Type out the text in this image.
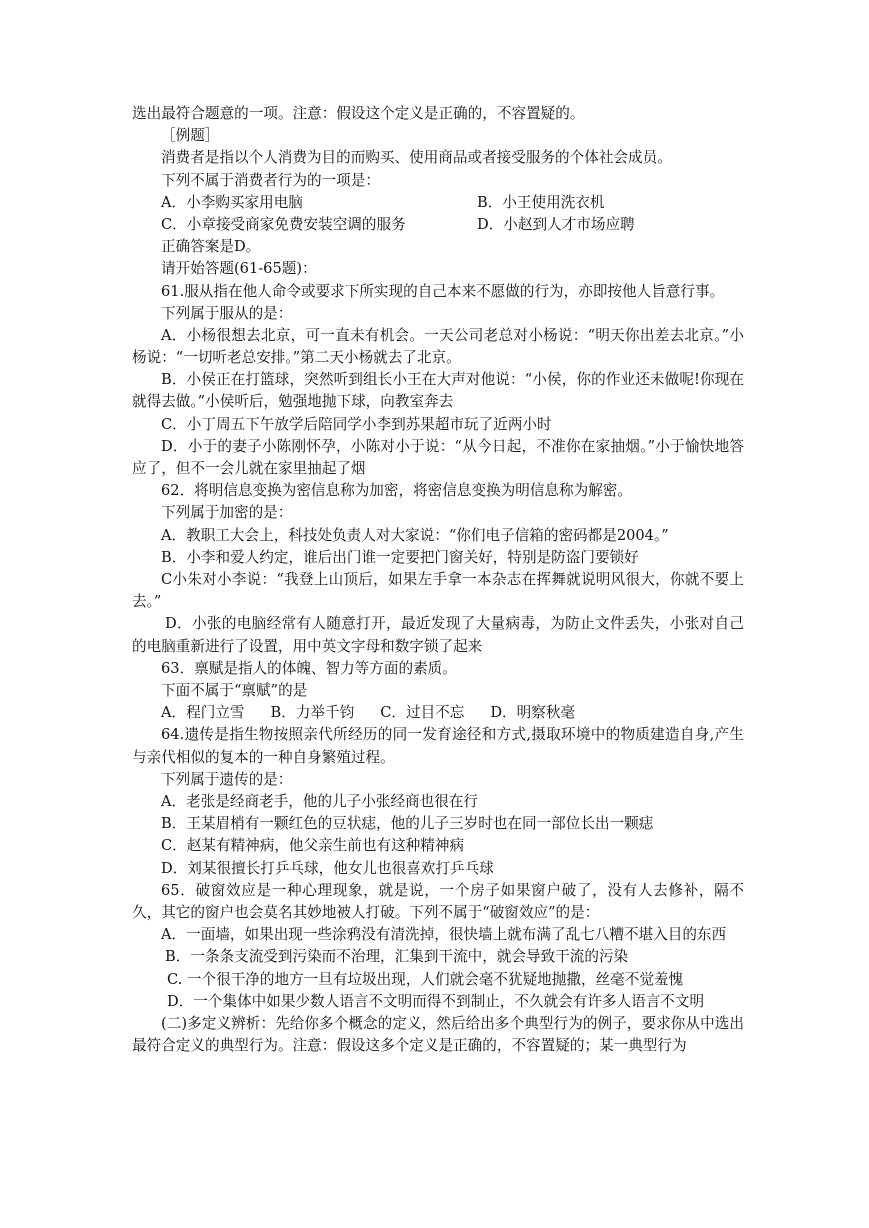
选出最符合题意的一项。注意：假设这个定义是正确的，不容置疑的。
［例题］
消费者是指以个人消费为目的而购买、使用商品或者接受服务的个体社会成员。
下列不属于消费者行为的一项是：
A．小李购买家用电脑	B．小王使用洗衣机
C．小章接受商家免费安装空调的服务	D．小赵到人才市场应聘
正确答案是D。
请开始答题(61-65题)：
61.服从指在他人命令或要求下所实现的自己本来不愿做的行为，亦即按他人旨意行事。
下列属于服从的是：
A．小杨很想去北京，可一直未有机会。一天公司老总对小杨说：“明天你出差去北京。”小杨说：“一切听老总安排。”第二天小杨就去了北京。
B．小侯正在打篮球，突然听到组长小王在大声对他说：“小侯，你的作业还未做呢!你现在就得去做。”小侯听后，勉强地抛下球，向教室奔去
C．小丁周五下午放学后陪同学小李到苏果超市玩了近两小时
D．小于的妻子小陈刚怀孕，小陈对小于说：“从今日起，不准你在家抽烟。”小于愉快地答应了，但不一会儿就在家里抽起了烟
62．将明信息变换为密信息称为加密，将密信息变换为明信息称为解密。
下列属于加密的是：
A．教职工大会上，科技处负责人对大家说：“你们电子信箱的密码都是2004。”
B．小李和爱人约定，谁后出门谁一定要把门窗关好，特别是防盗门要锁好
C小朱对小李说：“我登上山顶后，如果左手拿一本杂志在挥舞就说明风很大，你就不要上去。”
D．小张的电脑经常有人随意打开，最近发现了大量病毒，为防止文件丢失，小张对自己的电脑重新进行了设置，用中英文字母和数字锁了起来
63．禀赋是指人的体魄、智力等方面的素质。
下面不属于“禀赋”的是
A．程门立雪 B．力举千钧 C．过目不忘 D．明察秋毫
64.遗传是指生物按照亲代所经历的同一发育途径和方式,摄取环境中的物质建造自身,产生与亲代相似的复本的一种自身繁殖过程。
下列属于遗传的是：
A．老张是经商老手，他的儿子小张经商也很在行
B．王某眉梢有一颗红色的豆状痣，他的儿子三岁时也在同一部位长出一颗痣
C．赵某有精神病，他父亲生前也有这种精神病
D．刘某很擅长打乒乓球，他女儿也很喜欢打乒乓球
65．破窗效应是一种心理现象，就是说，一个房子如果窗户破了，没有人去修补，隔不久，其它的窗户也会莫名其妙地被人打破。下列不属于“破窗效应”的是：
A．一面墙，如果出现一些涂鸦没有清洗掉，很快墙上就布满了乱七八糟不堪入目的东西
B．一条条支流受到污染而不治理，汇集到干流中，就会导致干流的污染
C. 一个很干净的地方一旦有垃圾出现，人们就会毫不犹疑地抛撒，丝毫不觉羞愧
D．一个集体中如果少数人语言不文明而得不到制止，不久就会有许多人语言不文明
(二)多定义辨析：先给你多个概念的定义，然后给出多个典型行为的例子，要求你从中选出最符合定义的典型行为。注意：假设这多个定义是正确的，不容置疑的；某一典型行为
